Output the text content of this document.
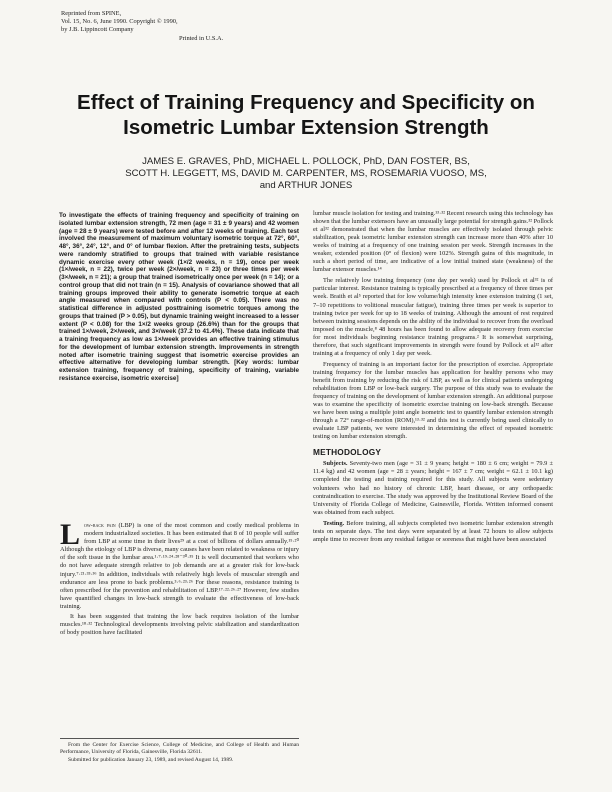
Reprinted from SPINE,
Vol. 15, No. 6, June 1990. Copyright © 1990,
by J.B. Lippincott Company

Printed in U.S.A.
Effect of Training Frequency and Specificity on Isometric Lumbar Extension Strength
JAMES E. GRAVES, PhD, MICHAEL L. POLLOCK, PhD, DAN FOSTER, BS,
SCOTT H. LEGGETT, MS, DAVID M. CARPENTER, MS, ROSEMARIA VUOSO, MS,
and ARTHUR JONES

To investigate the effects of training frequency and specificity of training on isolated lumbar extension strength, 72 men (age = 31 ± 9 years) and 42 women (age = 28 ± 9 years) were tested before and after 12 weeks of training. Each test involved the measurement of maximum voluntary isometric torque at 72°, 60°, 48°, 36°, 24°, 12°, and 0° of lumbar flexion. After the pretraining tests, subjects were randomly stratified to groups that trained with variable resistance dynamic exercise every other week (1×/2 weeks, n = 19), once per week (1×/week, n = 22), twice per week (2×/week, n = 23) or three times per week (3×/week, n = 21); a group that trained isometrically once per week (n = 14); or a control group that did not train (n = 15). Analysis of covariance showed that all training groups improved their ability to generate isometric torque at each angle measured when compared with controls (P < 0.05). There was no statistical difference in adjusted posttraining isometric torques among the groups that trained (P > 0.05), but dynamic training weight increased to a lesser extent (P < 0.08) for the 1×/2 weeks group (26.6%) than for the groups that trained 1×/week, 2×/week, and 3×/week (37.2 to 41.4%). These data indicate that a training frequency as low as 1×/week provides an effective training stimulus for the development of lumbar extension strength. Improvements in strength noted after isometric training suggest that isometric exercise provides an effective alternative for developing lumbar strength. [Key words: lumbar extension training, frequency of training, specificity of training, variable resistance exercise, isometric exercise]

Low-back pain (LBP) is one of the most common and costly medical problems in modern industrialized societies. It has been estimated that 8 of 10 people will suffer from LBP at some time in their lives²⁹ at a cost of billions of dollars annually.¹⁵·²⁰ Although the etiology of LBP is diverse, many causes have been related to weakness or injury of the soft tissue in the lumbar area.¹·⁷·¹⁹·²⁴·²⁸⁻³⁰·³⁵ It is well documented that workers who do not have adequate strength relative to job demands are at a greater risk for low-back injury.⁷·²¹·³³·³⁶ In addition, individuals with relatively high levels of muscular strength and endurance are less prone to back problems.³·⁶·²³·²⁶ For these reasons, resistance training is often prescribed for the prevention and rehabilitation of LBP.¹⁷·²²·²⁶·²⁷ However, few studies have quantified changes in low-back strength to evaluate the effectiveness of low-back training.

It has been suggested that training the low back requires isolation of the lumbar muscles.¹⁸·³² Technological developments involving pelvic stabilization and standardization of body position have facilitated

From the Center for Exercise Science, College of Medicine, and College of Health and Human Performance, University of Florida, Gainesville, Florida 32611.

Submitted for publication January 23, 1989, and revised August 14, 1989.

lumbar muscle isolation for testing and training.¹³·³² Recent research using this technology has shown that the lumbar extensors have an unusually large potential for strength gains.³² Pollock et al³² demonstrated that when the lumbar muscles are effectively isolated through pelvic stabilization, peak isometric lumbar extension strength can increase more than 40% after 10 weeks of training at a frequency of one training session per week. Strength increases in the weaker, extended position (0° of flexion) were 102%. Strength gains of this magnitude, in such a short period of time, are indicative of a low initial trained state (weakness) of the lumbar extensor muscles.¹⁴

The relatively low training frequency (one day per week) used by Pollock et al³² is of particular interest. Resistance training is typically prescribed at a frequency of three times per week. Braith et al⁵ reported that for low volume/high intensity knee extension training (1 set, 7–10 repetitions to volitional muscular fatigue), training three times per week is superior to training twice per week for up to 18 weeks of training. Although the amount of rest required between training sessions depends on the ability of the individual to recover from the overload imposed on the muscle,⁸ 48 hours has been found to allow adequate recovery from exercise for most individuals beginning resistance training programs.² It is somewhat surprising, therefore, that such significant improvements in strength were found by Pollock et al³² after training at a frequency of only 1 day per week.

Frequency of training is an important factor for the prescription of exercise. Appropriate training frequency for the lumbar muscles has application for healthy persons who may benefit from training by reducing the risk of LBP, as well as for clinical patients undergoing rehabilitation from LBP or low-back surgery. The purpose of this study was to evaluate the frequency of training on the development of lumbar extension strength. An additional purpose was to examine the specificity of isometric exercise training on low-back strength. Because we have been using a multiple joint angle isometric test to quantify lumbar extension strength through a 72° range-of-motion (ROM),¹³·³² and this test is currently being used clinically to evaluate LBP patients, we were interested in determining the effect of repeated isometric testing on lumbar extension strength.

METHODOLOGY

Subjects. Seventy-two men (age = 31 ± 9 years; height = 180 ± 6 cm; weight = 79.9 ± 11.4 kg) and 42 women (age = 28 ± years; height = 167 ± 7 cm; weight = 62.1 ± 10.1 kg) completed the testing and training required for this study. All subjects were sedentary volunteers who had no history of chronic LBP, heart disease, or any orthopaedic contraindication to exercise. The study was approved by the Institutional Review Board of the University of Florida College of Medicine, Gainesville, Florida. Written informed consent was obtained from each subject.

Testing. Before training, all subjects completed two isometric lumbar extension strength tests on separate days. The test days were separated by at least 72 hours to allow subjects ample time to recover from any residual fatigue or soreness that might have been associated
